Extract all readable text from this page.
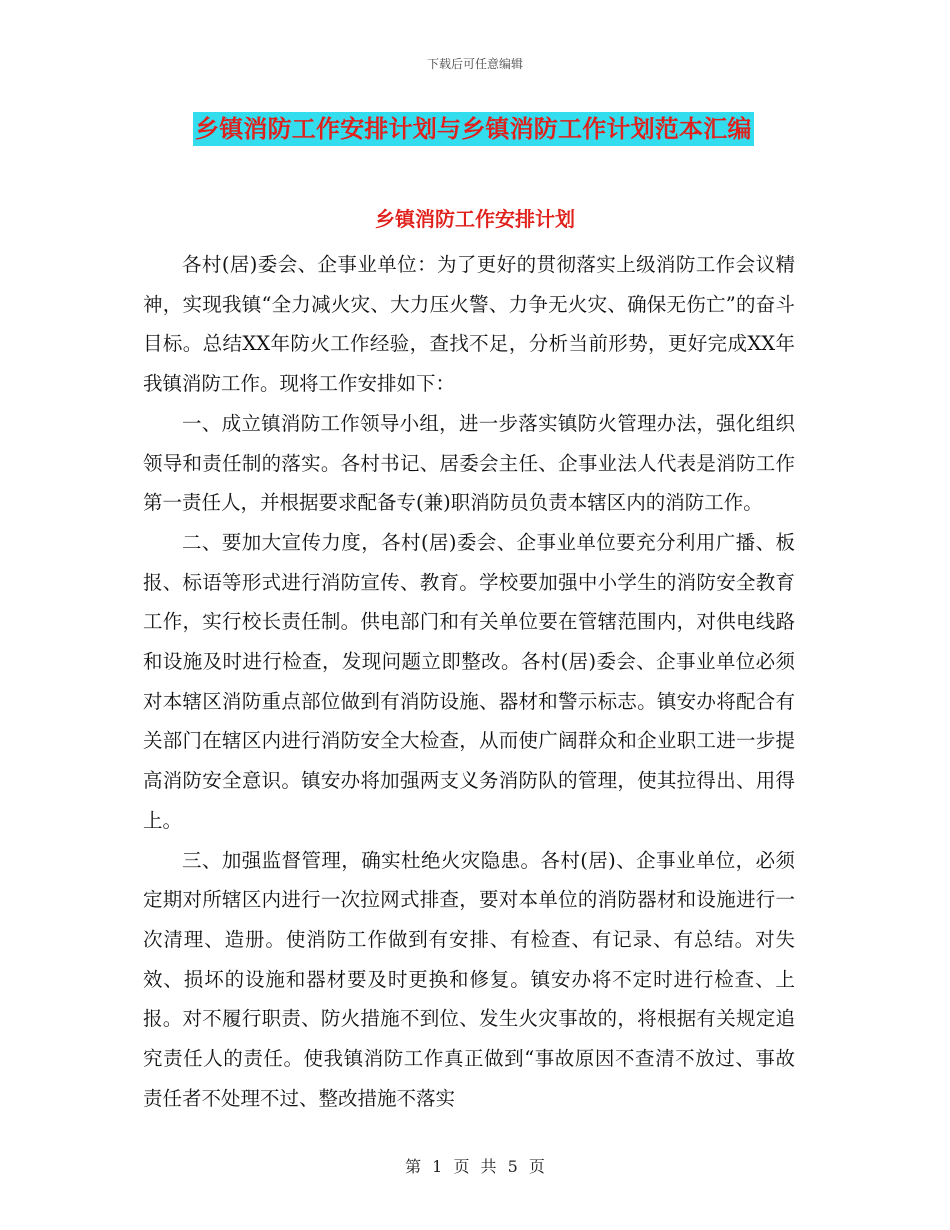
下载后可任意编辑
乡镇消防工作安排计划与乡镇消防工作计划范本汇编
乡镇消防工作安排计划

各村(居)委会、企事业单位：为了更好的贯彻落实上级消防工作会议精神，实现我镇“全力减火灾、大力压火警、力争无火灾、确保无伤亡”的奋斗目标。总结XX年防火工作经验，查找不足，分析当前形势，更好完成XX年我镇消防工作。现将工作安排如下：

一、成立镇消防工作领导小组，进一步落实镇防火管理办法，强化组织领导和责任制的落实。各村书记、居委会主任、企事业法人代表是消防工作第一责任人，并根据要求配备专(兼)职消防员负责本辖区内的消防工作。

二、要加大宣传力度，各村(居)委会、企事业单位要充分利用广播、板报、标语等形式进行消防宣传、教育。学校要加强中小学生的消防安全教育工作，实行校长责任制。供电部门和有关单位要在管辖范围内，对供电线路和设施及时进行检查，发现问题立即整改。各村(居)委会、企事业单位必须对本辖区消防重点部位做到有消防设施、器材和警示标志。镇安办将配合有关部门在辖区内进行消防安全大检查，从而使广阔群众和企业职工进一步提高消防安全意识。镇安办将加强两支义务消防队的管理，使其拉得出、用得上。

三、加强监督管理，确实杜绝火灾隐患。各村(居)、企事业单位，必须定期对所辖区内进行一次拉网式排查，要对本单位的消防器材和设施进行一次清理、造册。使消防工作做到有安排、有检查、有记录、有总结。对失效、损坏的设施和器材要及时更换和修复。镇安办将不定时进行检查、上报。对不履行职责、防火措施不到位、发生火灾事故的，将根据有关规定追究责任人的责任。使我镇消防工作真正做到“事故原因不查清不放过、事故责任者不处理不过、整改措施不落实

第 1 页 共 5 页
